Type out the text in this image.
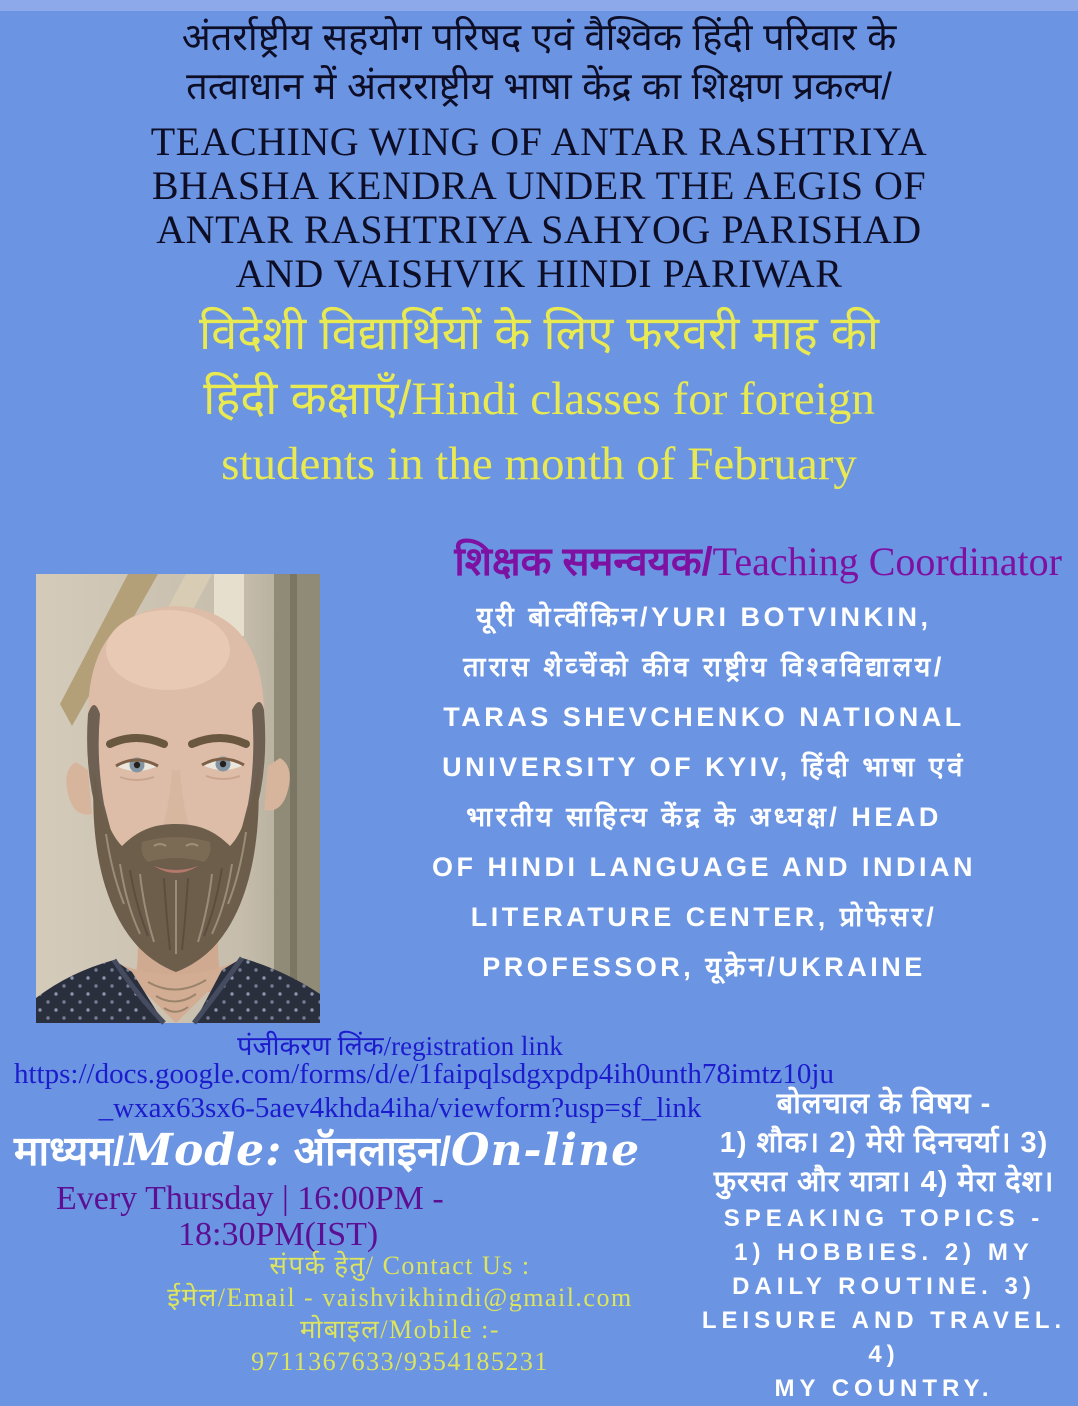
अंतर्राष्ट्रीय सहयोग परिषद एवं वैश्विक हिंदी परिवार के
तत्वाधान में अंतरराष्ट्रीय भाषा केंद्र का शिक्षण प्रकल्प/
TEACHING WING OF ANTAR RASHTRIYA
BHASHA KENDRA UNDER THE AEGIS OF
ANTAR RASHTRIYA SAHYOG PARISHAD
AND VAISHVIK HINDI PARIWAR
विदेशी विद्यार्थियों के लिए फरवरी माह की
हिंदी कक्षाएँ/Hindi classes for foreign
students in the month of February
शिक्षक समन्वयक/Teaching Coordinator
यूरी बोत्वींकिन/YURI BOTVINKIN,
तारास शेव्चेंको कीव राष्ट्रीय विश्वविद्यालय/
TARAS SHEVCHENKO NATIONAL
UNIVERSITY OF KYIV, हिंदी भाषा एवं
भारतीय साहित्य केंद्र के अध्यक्ष/ HEAD
OF HINDI LANGUAGE AND INDIAN
LITERATURE CENTER, प्रोफेसर/
PROFESSOR, यूक्रेन/UKRAINE
पंजीकरण लिंक/registration link
https://docs.google.com/forms/d/e/1faipqlsdgxpdp4ih0unth78imtz10ju
_wxax63sx6-5aev4khda4iha/viewform?usp=sf_link
माध्यम/Mode: ऑनलाइन/On-line
Every Thursday | 16:00PM -
18:30PM(IST)
संपर्क हेतु/ Contact Us :
ईमेल/Email - vaishvikhindi@gmail.com
मोबाइल/Mobile :-
9711367633/9354185231
बोलचाल के विषय -
1) शौक। 2) मेरी दिनचर्या। 3)
फुरसत और यात्रा। 4) मेरा देश।
SPEAKING TOPICS -
1) HOBBIES. 2) MY
DAILY ROUTINE. 3)
LEISURE AND TRAVEL. 4)
MY COUNTRY.
